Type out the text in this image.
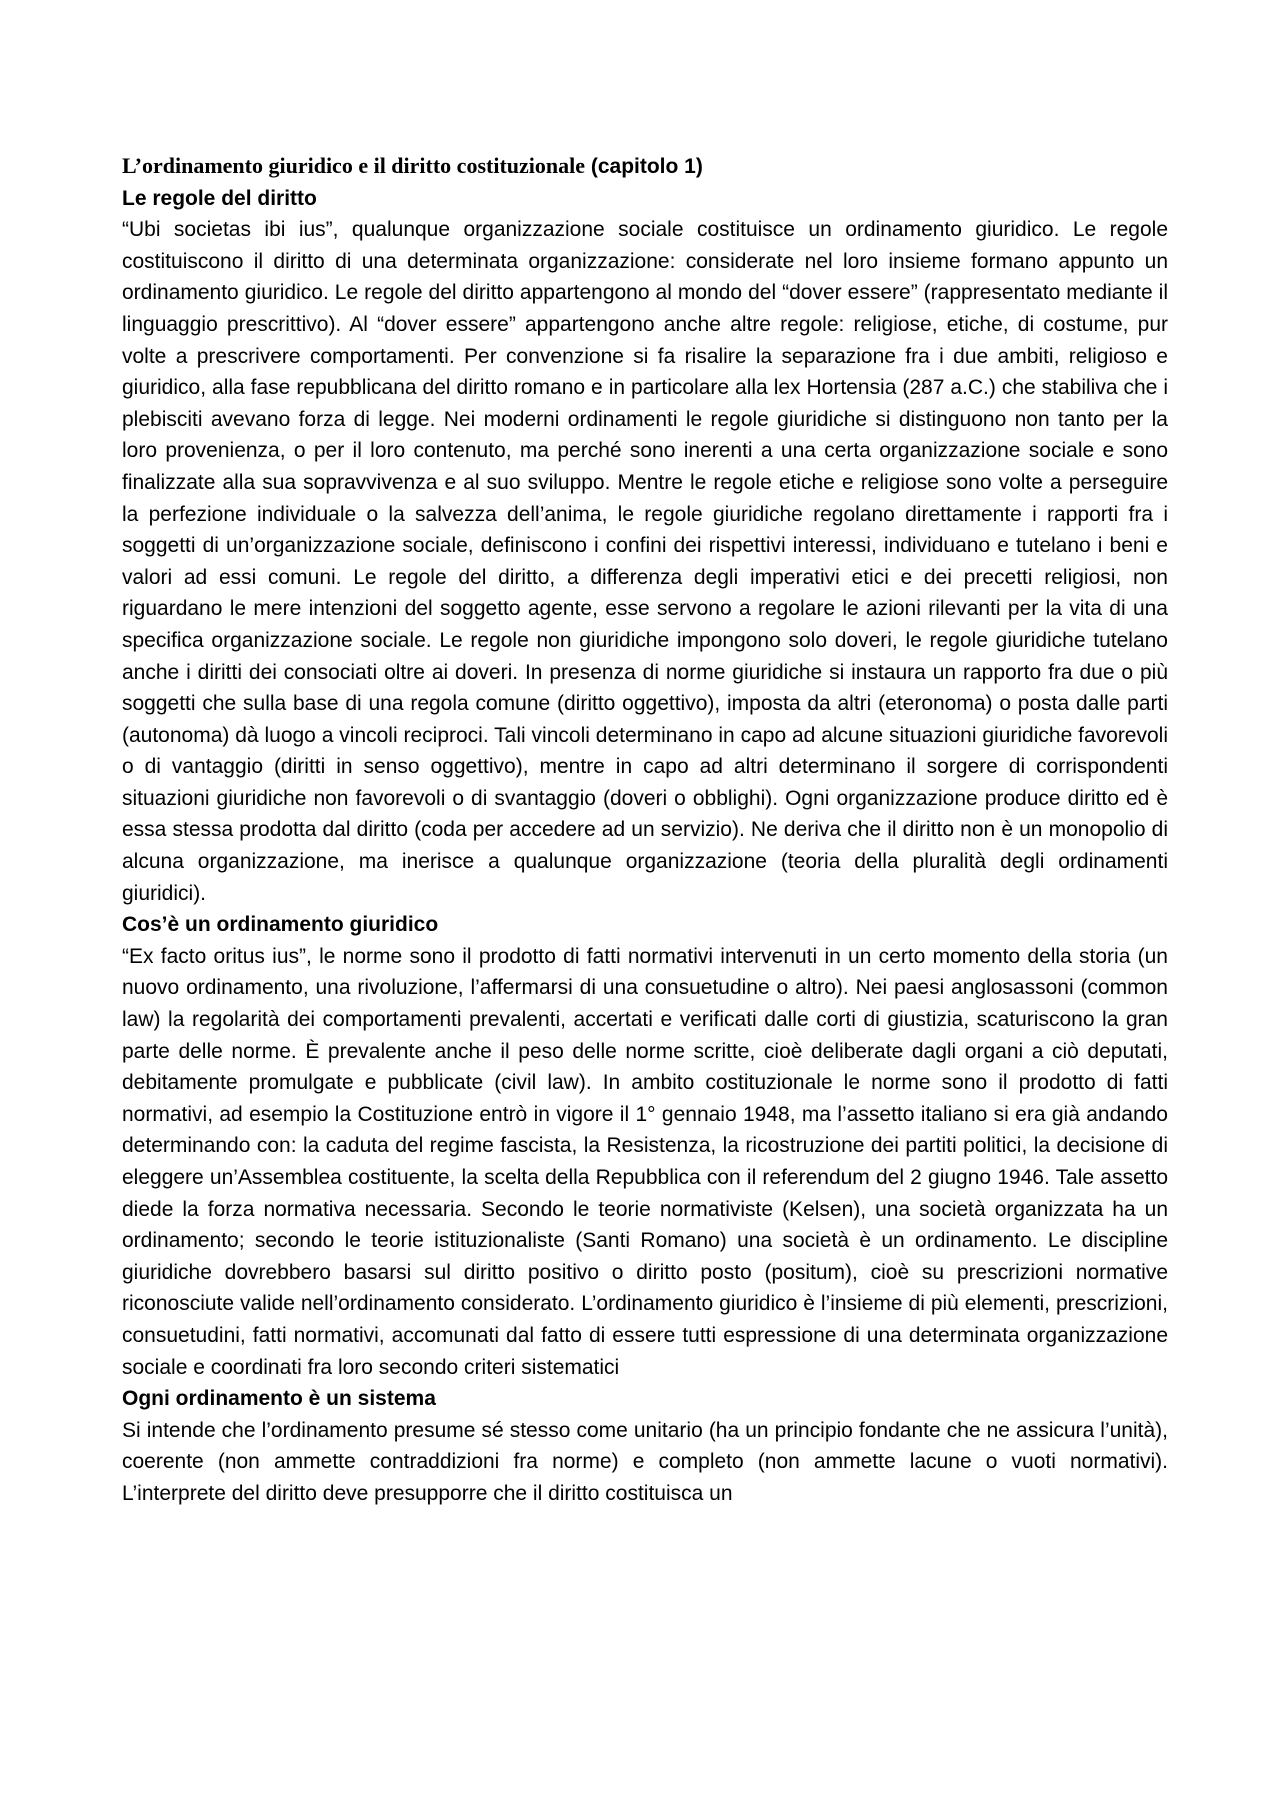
L’ordinamento giuridico e il diritto costituzionale (capitolo 1)

Le regole del diritto

“Ubi societas ibi ius”, qualunque organizzazione sociale costituisce un ordinamento giuridico. Le regole costituiscono il diritto di una determinata organizzazione: considerate nel loro insieme formano appunto un ordinamento giuridico. Le regole del diritto appartengono al mondo del “dover essere” (rappresentato mediante il linguaggio prescrittivo). Al “dover essere” appartengono anche altre regole: religiose, etiche, di costume, pur volte a prescrivere comportamenti. Per convenzione si fa risalire la separazione fra i due ambiti, religioso e giuridico, alla fase repubblicana del diritto romano e in particolare alla lex Hortensia (287 a.C.) che stabiliva che i plebisciti avevano forza di legge. Nei moderni ordinamenti le regole giuridiche si distinguono non tanto per la loro provenienza, o per il loro contenuto, ma perché sono inerenti a una certa organizzazione sociale e sono finalizzate alla sua sopravvivenza e al suo sviluppo. Mentre le regole etiche e religiose sono volte a perseguire la perfezione individuale o la salvezza dell’anima, le regole giuridiche regolano direttamente i rapporti fra i soggetti di un’organizzazione sociale, definiscono i confini dei rispettivi interessi, individuano e tutelano i beni e valori ad essi comuni. Le regole del diritto, a differenza degli imperativi etici e dei precetti religiosi, non riguardano le mere intenzioni del soggetto agente, esse servono a regolare le azioni rilevanti per la vita di una specifica organizzazione sociale. Le regole non giuridiche impongono solo doveri, le regole giuridiche tutelano anche i diritti dei consociati oltre ai doveri. In presenza di norme giuridiche si instaura un rapporto fra due o più soggetti che sulla base di una regola comune (diritto oggettivo), imposta da altri (eteronoma) o posta dalle parti (autonoma) dà luogo a vincoli reciproci. Tali vincoli determinano in capo ad alcune situazioni giuridiche favorevoli o di vantaggio (diritti in senso oggettivo), mentre in capo ad altri determinano il sorgere di corrispondenti situazioni giuridiche non favorevoli o di svantaggio (doveri o obblighi). Ogni organizzazione produce diritto ed è essa stessa prodotta dal diritto (coda per accedere ad un servizio). Ne deriva che il diritto non è un monopolio di alcuna organizzazione, ma inerisce a qualunque organizzazione (teoria della pluralità degli ordinamenti giuridici).

Cos’è un ordinamento giuridico

“Ex facto oritus ius”, le norme sono il prodotto di fatti normativi intervenuti in un certo momento della storia (un nuovo ordinamento, una rivoluzione, l’affermarsi di una consuetudine o altro). Nei paesi anglosassoni (common law) la regolarità dei comportamenti prevalenti, accertati e verificati dalle corti di giustizia, scaturiscono la gran parte delle norme. È prevalente anche il peso delle norme scritte, cioè deliberate dagli organi a ciò deputati, debitamente promulgate e pubblicate (civil law). In ambito costituzionale le norme sono il prodotto di fatti normativi, ad esempio la Costituzione entrò in vigore il 1° gennaio 1948, ma l’assetto italiano si era già andando determinando con: la caduta del regime fascista, la Resistenza, la ricostruzione dei partiti politici, la decisione di eleggere un’Assemblea costituente, la scelta della Repubblica con il referendum del 2 giugno 1946. Tale assetto diede la forza normativa necessaria. Secondo le teorie normativiste (Kelsen), una società organizzata ha un ordinamento; secondo le teorie istituzionaliste (Santi Romano) una società è un ordinamento. Le discipline giuridiche dovrebbero basarsi sul diritto positivo o diritto posto (positum), cioè su prescrizioni normative riconosciute valide nell’ordinamento considerato. L’ordinamento giuridico è l’insieme di più elementi, prescrizioni, consuetudini, fatti normativi, accomunati dal fatto di essere tutti espressione di una determinata organizzazione sociale e coordinati fra loro secondo criteri sistematici

Ogni ordinamento è un sistema

Si intende che l’ordinamento presume sé stesso come unitario (ha un principio fondante che ne assicura l’unità), coerente (non ammette contraddizioni fra norme) e completo (non ammette lacune o vuoti normativi). L’interprete del diritto deve presupporre che il diritto costituisca un
